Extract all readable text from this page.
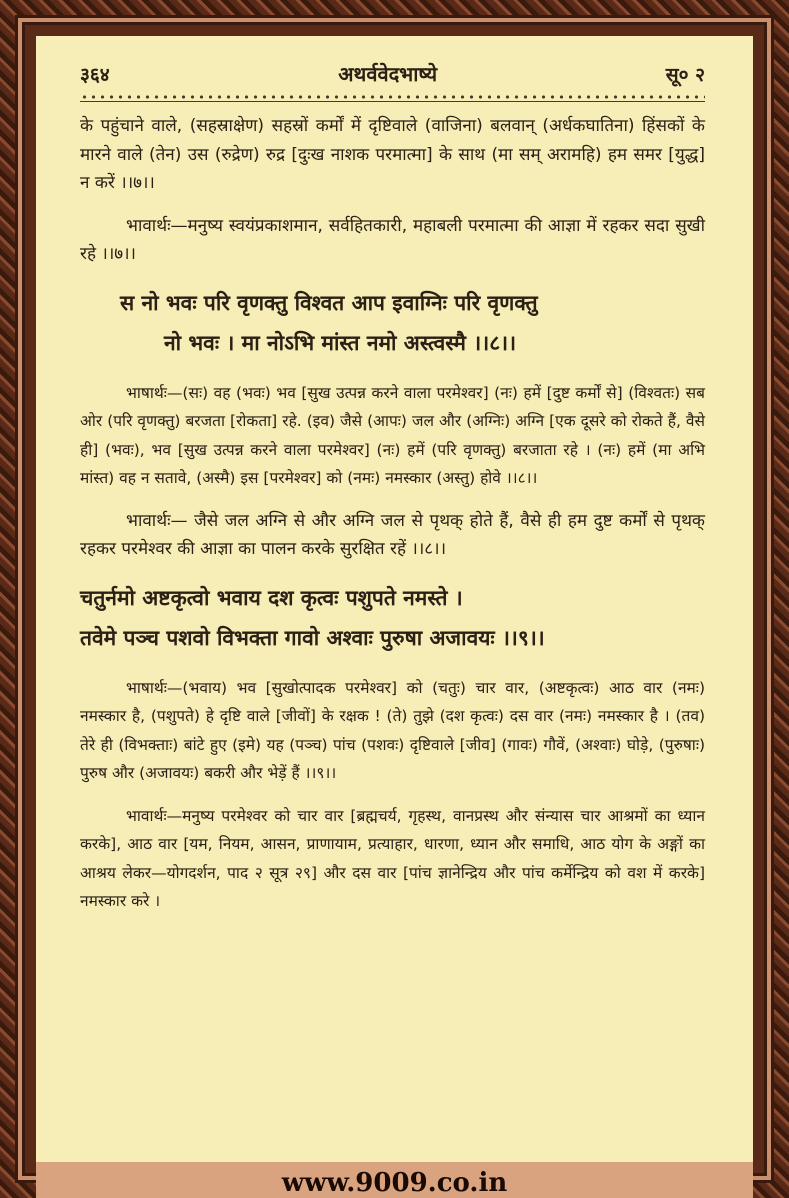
३६४	अथर्ववेदभाष्ये	सू० २

के पहुंचाने वाले, (सहस्राक्षेण) सहस्रों कर्मों में दृष्टिवाले (वाजिना) बलवान् (अर्धकघातिना) हिंसकों के मारने वाले (तेन) उस (रुद्रेण) रुद्र [दुःख नाशक परमात्मा] के साथ (मा सम् अरामहि) हम समर [युद्ध] न करें ।।७।।

भावार्थः—मनुष्य स्वयंप्रकाशमान, सर्वहितकारी, महाबली परमात्मा की आज्ञा में रहकर सदा सुखी रहे ।।७।।

स नो भवः परि वृणक्तु विश्वत आप इवाग्निः परि वृणक्तु
नो भवः । मा नोऽभि मांस्त नमो अस्त्वस्मै ।।८।।

भाषार्थः—(सः) वह (भवः) भव [सुख उत्पन्न करने वाला परमेश्वर] (नः) हमें [दुष्ट कर्मों से] (विश्वतः) सब ओर (परि वृणक्तु) बरजता [रोकता] रहे. (इव) जैसे (आपः) जल और (अग्निः) अग्नि [एक दूसरे को रोकते हैं, वैसे ही] (भवः), भव [सुख उत्पन्न करने वाला परमेश्वर] (नः) हमें (परि वृणक्तु) बरजाता रहे । (नः) हमें (मा अभि मांस्त) वह न सतावे, (अस्मै) इस [परमेश्वर] को (नमः) नमस्कार (अस्तु) होवे ।।८।।

भावार्थः— जैसे जल अग्नि से और अग्नि जल से पृथक् होते हैं, वैसे ही हम दुष्ट कर्मों से पृथक् रहकर परमेश्वर की आज्ञा का पालन करके सुरक्षित रहें ।।८।।

चतुर्नमो अष्टकृत्वो भवाय दश कृत्वः पशुपते नमस्ते ।
तवेमे पञ्च पशवो विभक्ता गावो अश्वाः पुरुषा अजावयः ।।९।।

भाषार्थः—(भवाय) भव [सुखोत्पादक परमेश्वर] को (चतुः) चार वार, (अष्टकृत्वः) आठ वार (नमः) नमस्कार है, (पशुपते) हे दृष्टि वाले [जीवों] के रक्षक ! (ते) तुझे (दश कृत्वः) दस वार (नमः) नमस्कार है । (तव) तेरे ही (विभक्ताः) बांटे हुए (इमे) यह (पञ्च) पांच (पशवः) दृष्टिवाले [जीव] (गावः) गौवें, (अश्वाः) घोड़े, (पुरुषाः) पुरुष और (अजावयः) बकरी और भेड़ें हैं ।।९।।

भावार्थः—मनुष्य परमेश्वर को चार वार [ब्रह्मचर्य, गृहस्थ, वानप्रस्थ और संन्यास चार आश्रमों का ध्यान करके], आठ वार [यम, नियम, आसन, प्राणायाम, प्रत्याहार, धारणा, ध्यान और समाधि, आठ योग के अङ्गों का आश्रय लेकर—योगदर्शन, पाद २ सूत्र २९] और दस वार [पांच ज्ञानेन्द्रिय और पांच कर्मेन्द्रिय को वश में करके] नमस्कार करे ।

www.9009.co.in
